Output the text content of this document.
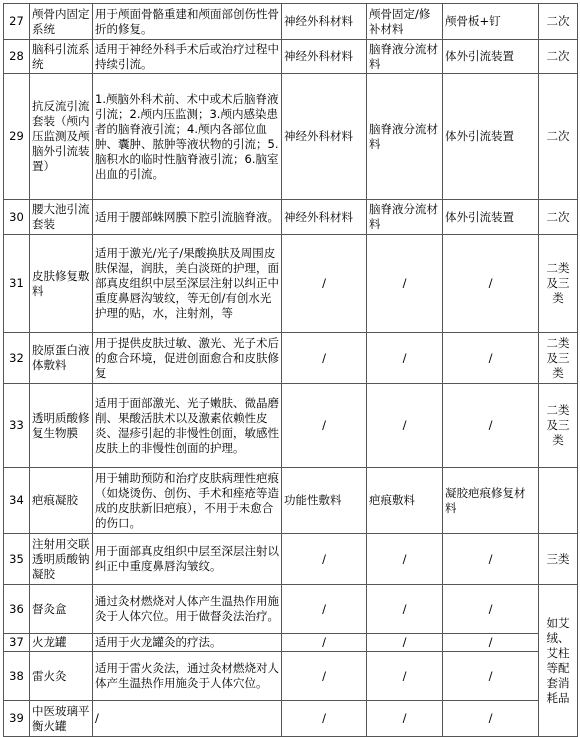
27	颅骨内固定系统	用于颅面骨骼重建和颅面部创伤性骨折的修复。	神经外科材料	颅骨固定/修补材料	颅骨板+钉	二次
28	脑科引流系统	适用于神经外科手术后或治疗过程中持续引流。	神经外科材料	脑脊液分流材料	体外引流装置	二次
29	抗反流引流套装（颅内压监测及颅脑外引流装置）	1.颅脑外科术前、术中或术后脑脊液引流；2.颅内压监测；3.颅内感染患者的脑脊液引流；4.颅内各部位血肿、囊肿、脓肿等液状物的引流；5.脑积水的临时性脑脊液引流；6.脑室出血的引流。	神经外科材料	脑脊液分流材料	体外引流装置	二次
30	腰大池引流套装	适用于腰部蛛网膜下腔引流脑脊液。	神经外科材料	脑脊液分流材料	体外引流装置	二次
31	皮肤修复敷料	适用于激光/光子/果酸换肤及周围皮肤保湿，润肤，美白淡斑的护理，面部真皮组织中层至深层注射以纠正中重度鼻唇沟皱纹，等无创/有创水光护理的贴，水，注射剂，等	/	/	/	二类及三类
32	胶原蛋白液体敷料	用于提供皮肤过敏、激光、光子术后的愈合环境，促进创面愈合和皮肤修复	/	/	/	二类及三类
33	透明质酸修复生物膜	适用于面部激光、光子嫩肤、微晶磨削、果酸活肤术以及激素依赖性皮炎、湿疹引起的非慢性创面，敏感性皮肤上的非慢性创面的护理。	/	/	/	二类及三类
34	疤痕凝胶	用于辅助预防和治疗皮肤病理性疤痕（如烧烫伤、创伤、手术和痤疮等造成的皮肤新旧疤痕），不用于未愈合的伤口。	功能性敷料	疤痕敷料	凝胶疤痕修复材料	
35	注射用交联透明质酸钠凝胶	用于面部真皮组织中层至深层注射以纠正中重度鼻唇沟皱纹。	/	/	/	三类
36	督灸盒	通过灸材燃烧对人体产生温热作用施灸于人体穴位。用于做督灸法治疗。	/	/	/	如艾绒、艾柱等配套消耗品
37	火龙罐	适用于火龙罐灸的疗法。	/	/	/	
38	雷火灸	适用于雷火灸法，通过灸材燃烧对人体产生温热作用施灸于人体穴位。	/	/	/	
39	中医玻璃平衡火罐	/	/	/	/	
